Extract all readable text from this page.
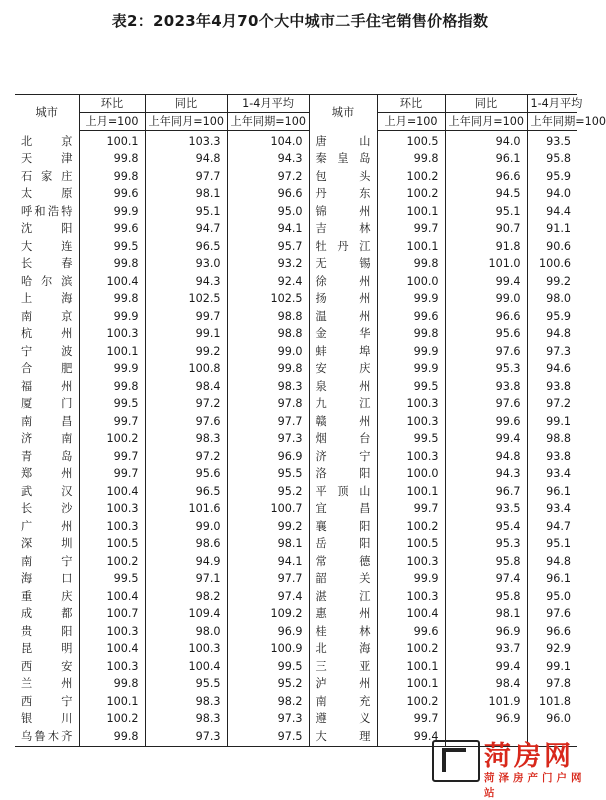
表2：2023年4月70个大中城市二手住宅销售价格指数
城市	环比	同比	1-4月平均	城市	环比	同比	1-4月平均
	上月=100	上年同月=100	上年同期=100		上月=100	上年同月=100	上年同期=100
北京	100.1	103.3	104.0	唐山	100.5	94.0	93.5
天津	99.8	94.8	94.3	秦皇岛	99.8	96.1	95.8
石家庄	99.8	97.7	97.2	包头	100.2	96.6	95.9
太原	99.6	98.1	96.6	丹东	100.2	94.5	94.0
呼和浩特	99.9	95.1	95.0	锦州	100.1	95.1	94.4
沈阳	99.6	94.7	94.1	吉林	99.7	90.7	91.1
大连	99.5	96.5	95.7	牡丹江	100.1	91.8	90.6
长春	99.8	93.0	93.2	无锡	99.8	101.0	100.6
哈尔滨	100.4	94.3	92.4	徐州	100.0	99.4	99.2
上海	99.8	102.5	102.5	扬州	99.9	99.0	98.0
南京	99.9	99.7	98.8	温州	99.6	96.6	95.9
杭州	100.3	99.1	98.8	金华	99.8	95.6	94.8
宁波	100.1	99.2	99.0	蚌埠	99.9	97.6	97.3
合肥	99.9	100.8	99.8	安庆	99.9	95.3	94.6
福州	99.8	98.4	98.3	泉州	99.5	93.8	93.8
厦门	99.5	97.2	97.8	九江	100.3	97.6	97.2
南昌	99.7	97.6	97.7	赣州	100.3	99.6	99.1
济南	100.2	98.3	97.3	烟台	99.5	99.4	98.8
青岛	99.7	97.2	96.9	济宁	100.3	94.8	93.8
郑州	99.7	95.6	95.5	洛阳	100.0	94.3	93.4
武汉	100.4	96.5	95.2	平顶山	100.1	96.7	96.1
长沙	100.3	101.6	100.7	宜昌	99.7	93.5	93.4
广州	100.3	99.0	99.2	襄阳	100.2	95.4	94.7
深圳	100.5	98.6	98.1	岳阳	100.5	95.3	95.1
南宁	100.2	94.9	94.1	常德	100.3	95.8	94.8
海口	99.5	97.1	97.7	韶关	99.9	97.4	96.1
重庆	100.4	98.2	97.4	湛江	100.3	95.8	95.0
成都	100.7	109.4	109.2	惠州	100.4	98.1	97.6
贵阳	100.3	98.0	96.9	桂林	99.6	96.9	96.6
昆明	100.4	100.3	100.9	北海	100.2	93.7	92.9
西安	100.3	100.4	99.5	三亚	100.1	99.4	99.1
兰州	99.8	95.5	95.2	泸州	100.1	98.4	97.8
西宁	100.1	98.3	98.2	南充	100.2	101.9	101.8
银川	100.2	98.3	97.3	遵义	99.7	96.9	96.0
乌鲁木齐	99.8	97.3	97.5	大理	99.4		
菏房网
菏泽房产门户网站
